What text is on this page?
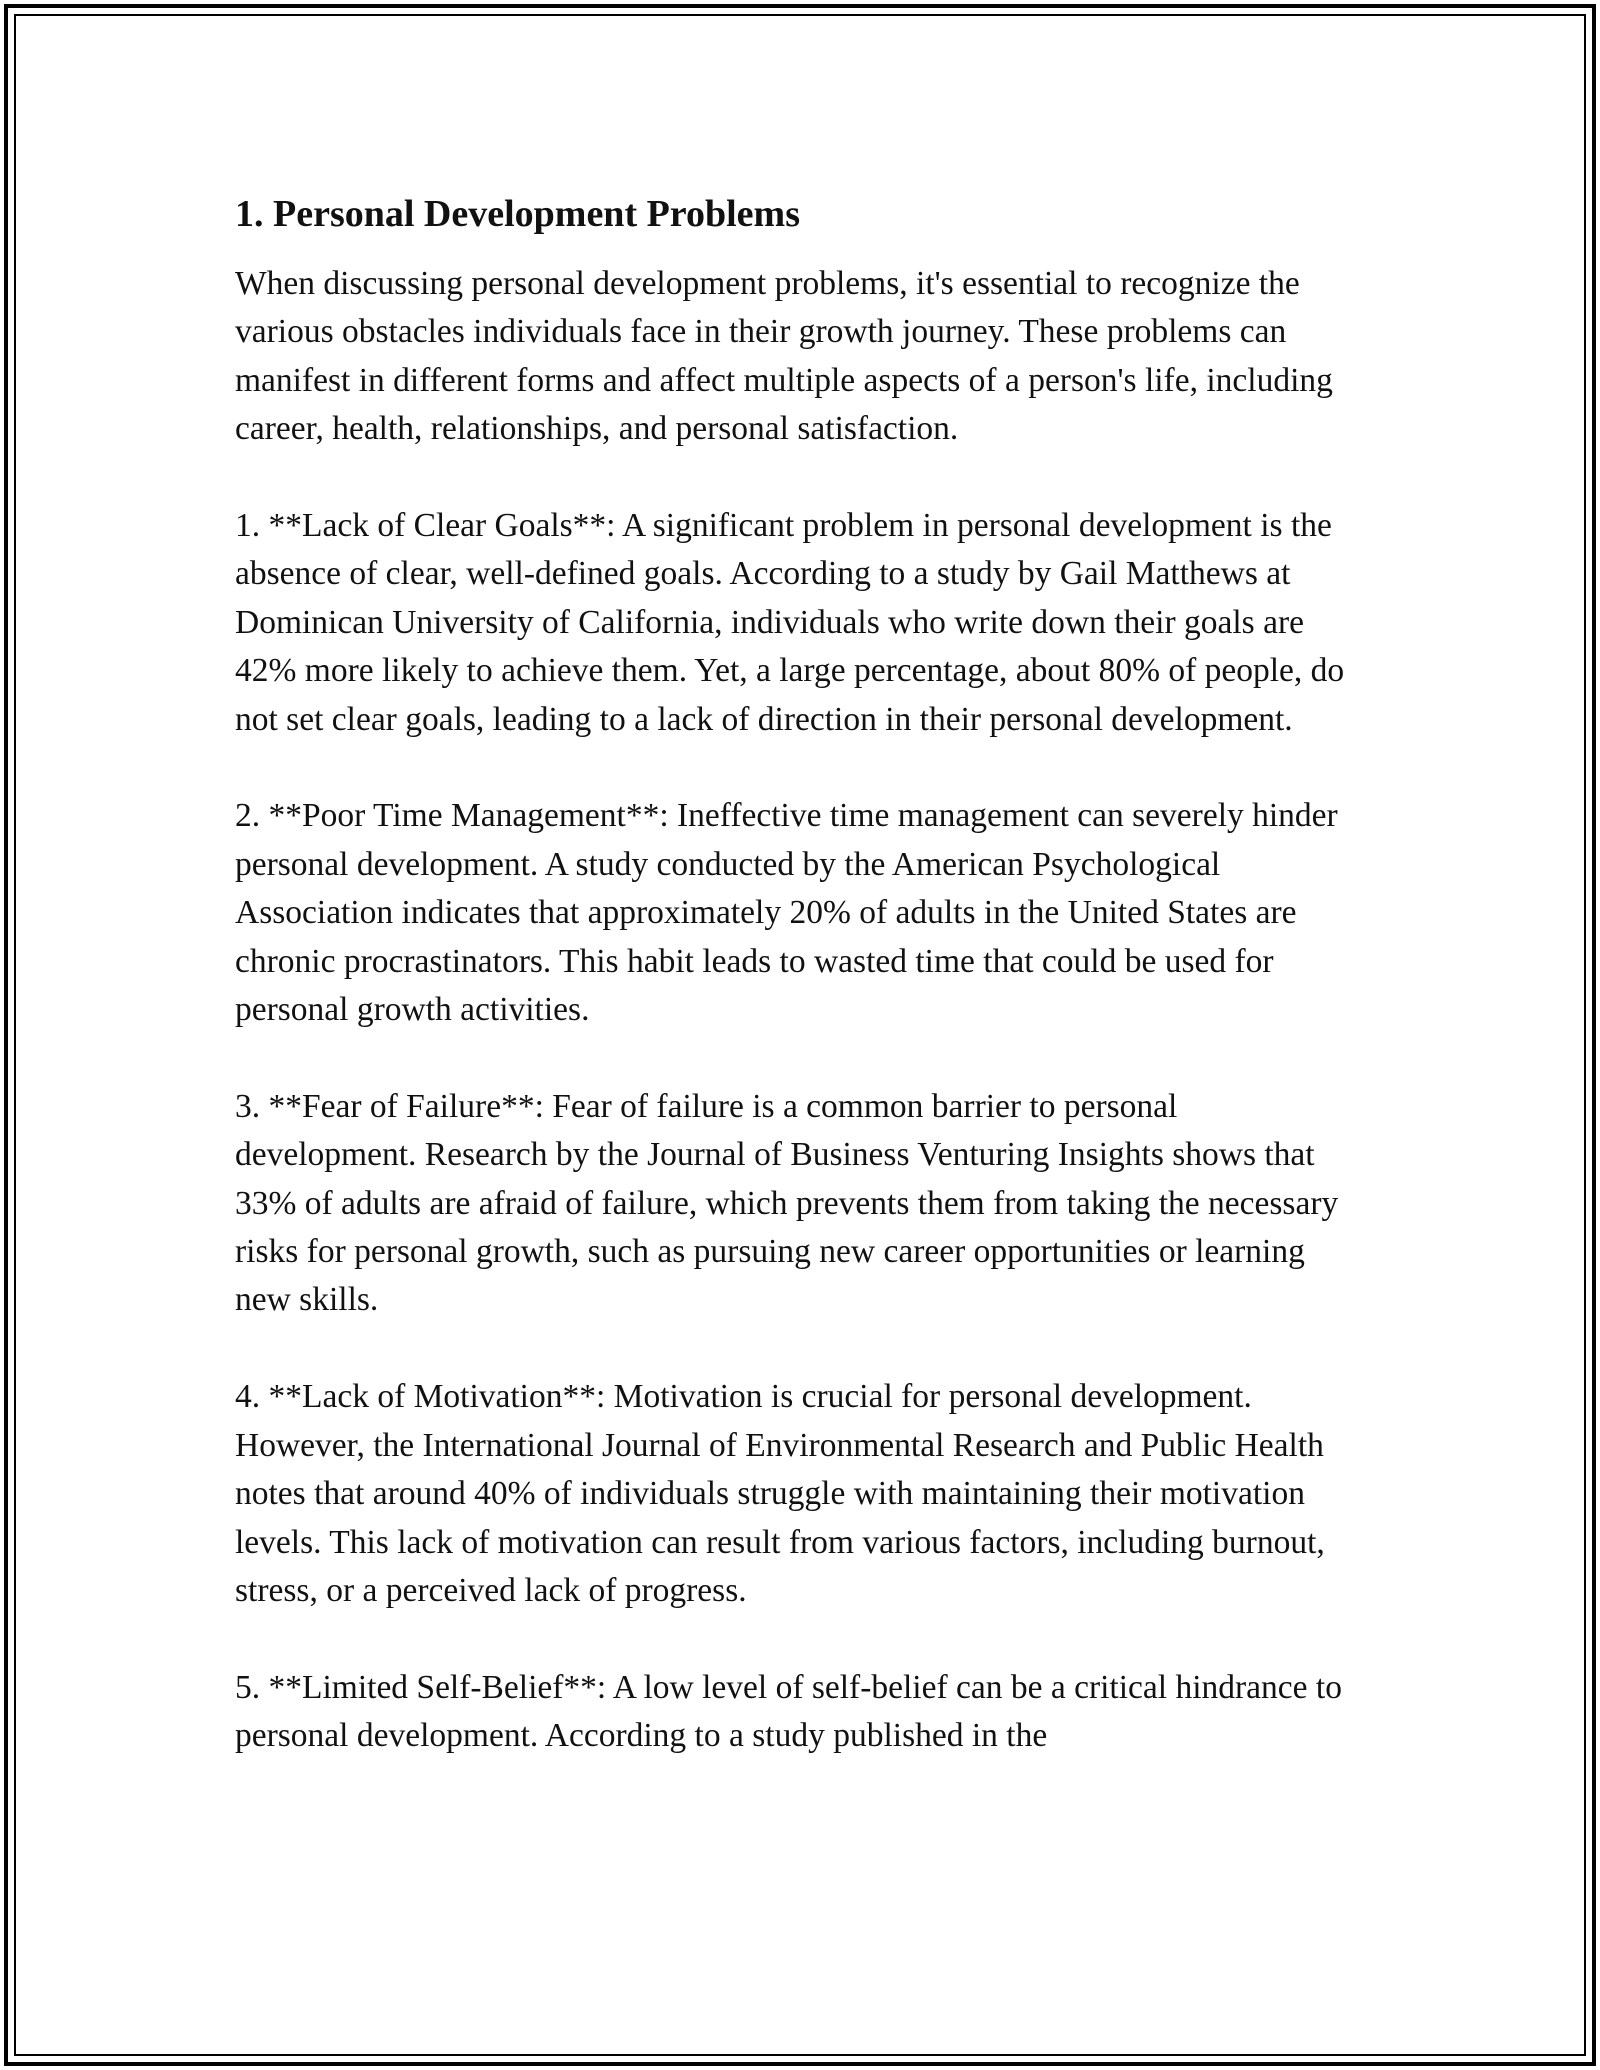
1. Personal Development Problems

When discussing personal development problems, it's essential to recognize the various obstacles individuals face in their growth journey. These problems can manifest in different forms and affect multiple aspects of a person's life, including career, health, relationships, and personal satisfaction.

1. **Lack of Clear Goals**: A significant problem in personal development is the absence of clear, well-defined goals. According to a study by Gail Matthews at Dominican University of California, individuals who write down their goals are 42% more likely to achieve them. Yet, a large percentage, about 80% of people, do not set clear goals, leading to a lack of direction in their personal development.

2. **Poor Time Management**: Ineffective time management can severely hinder personal development. A study conducted by the American Psychological Association indicates that approximately 20% of adults in the United States are chronic procrastinators. This habit leads to wasted time that could be used for personal growth activities.

3. **Fear of Failure**: Fear of failure is a common barrier to personal development. Research by the Journal of Business Venturing Insights shows that 33% of adults are afraid of failure, which prevents them from taking the necessary risks for personal growth, such as pursuing new career opportunities or learning new skills.

4. **Lack of Motivation**: Motivation is crucial for personal development. However, the International Journal of Environmental Research and Public Health notes that around 40% of individuals struggle with maintaining their motivation levels. This lack of motivation can result from various factors, including burnout, stress, or a perceived lack of progress.

5. **Limited Self-Belief**: A low level of self-belief can be a critical hindrance to personal development. According to a study published in the
